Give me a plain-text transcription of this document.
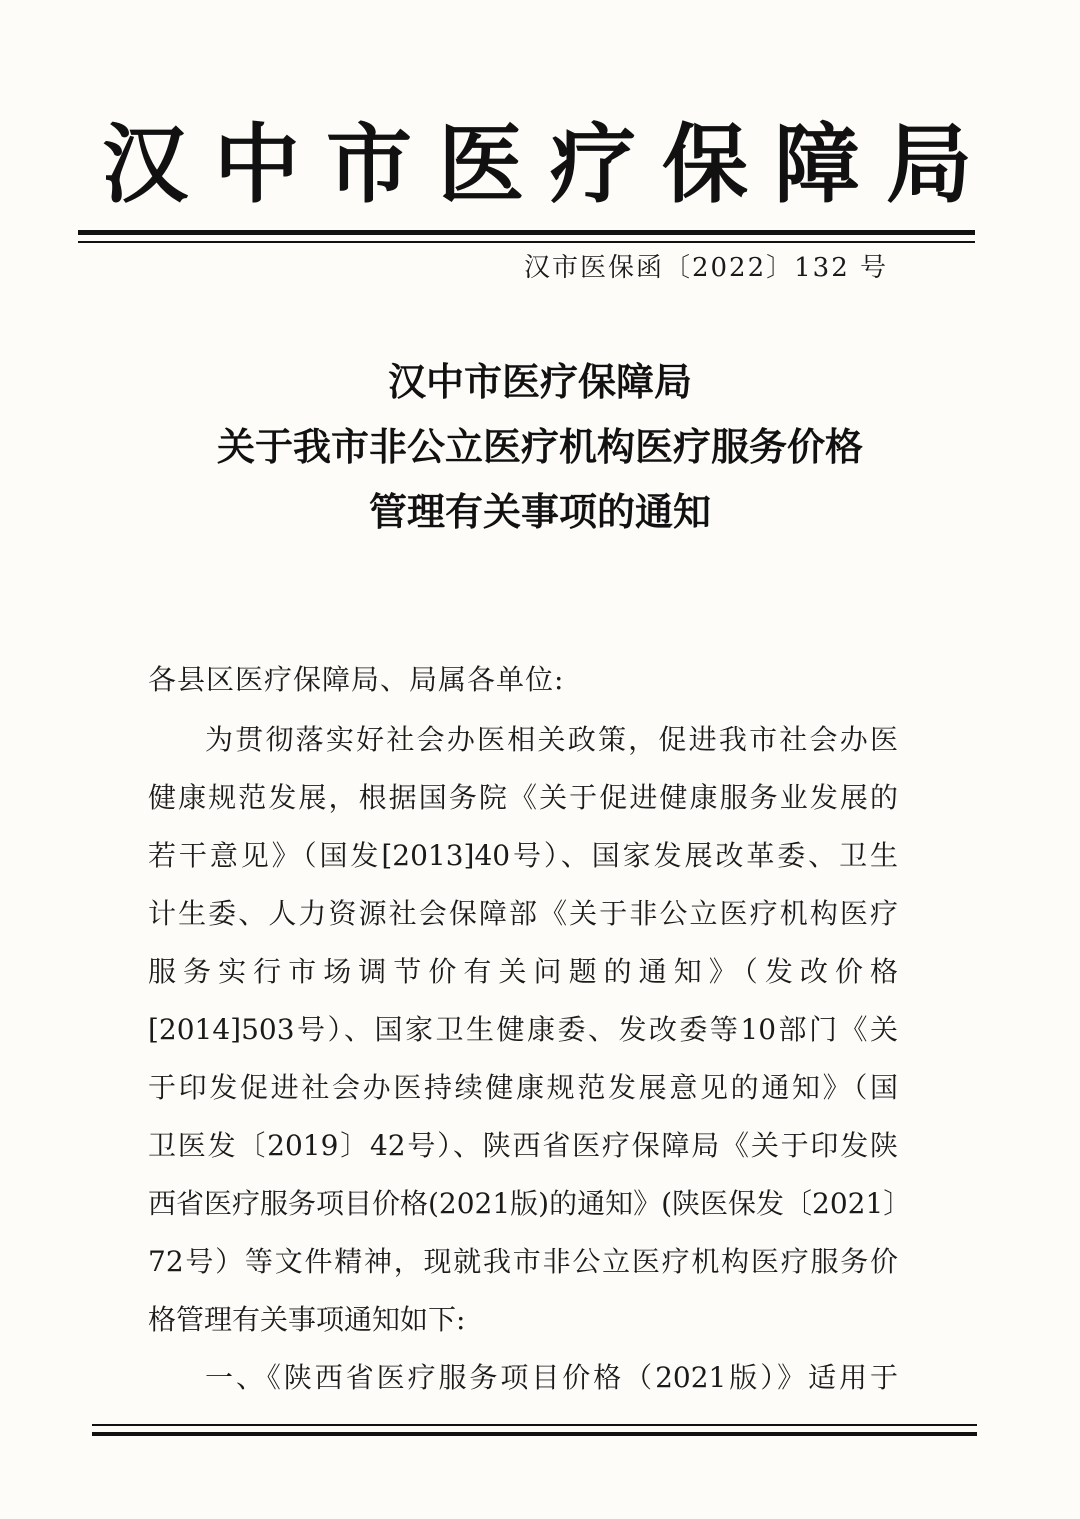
汉中市医疗保障局
汉市医保函〔2022〕132 号
汉中市医疗保障局
关于我市非公立医疗机构医疗服务价格
管理有关事项的通知
各县区医疗保障局、局属各单位:
为贯彻落实好社会办医相关政策，促进我市社会办医
健康规范发展，根据国务院《关于促进健康服务业发展的
若干意见》（国发[2013]40号）、国家发展改革委、卫生
计生委、人力资源社会保障部《关于非公立医疗机构医疗
服务实行市场调节价有关问题的通知》（发改价格
[2014]503号）、国家卫生健康委、发改委等10部门《关
于印发促进社会办医持续健康规范发展意见的通知》（国
卫医发〔2019〕42号）、陕西省医疗保障局《关于印发陕
西省医疗服务项目价格(2021版)的通知》(陕医保发〔2021〕
72号）等文件精神，现就我市非公立医疗机构医疗服务价
格管理有关事项通知如下:
一、《陕西省医疗服务项目价格（2021版）》适用于
